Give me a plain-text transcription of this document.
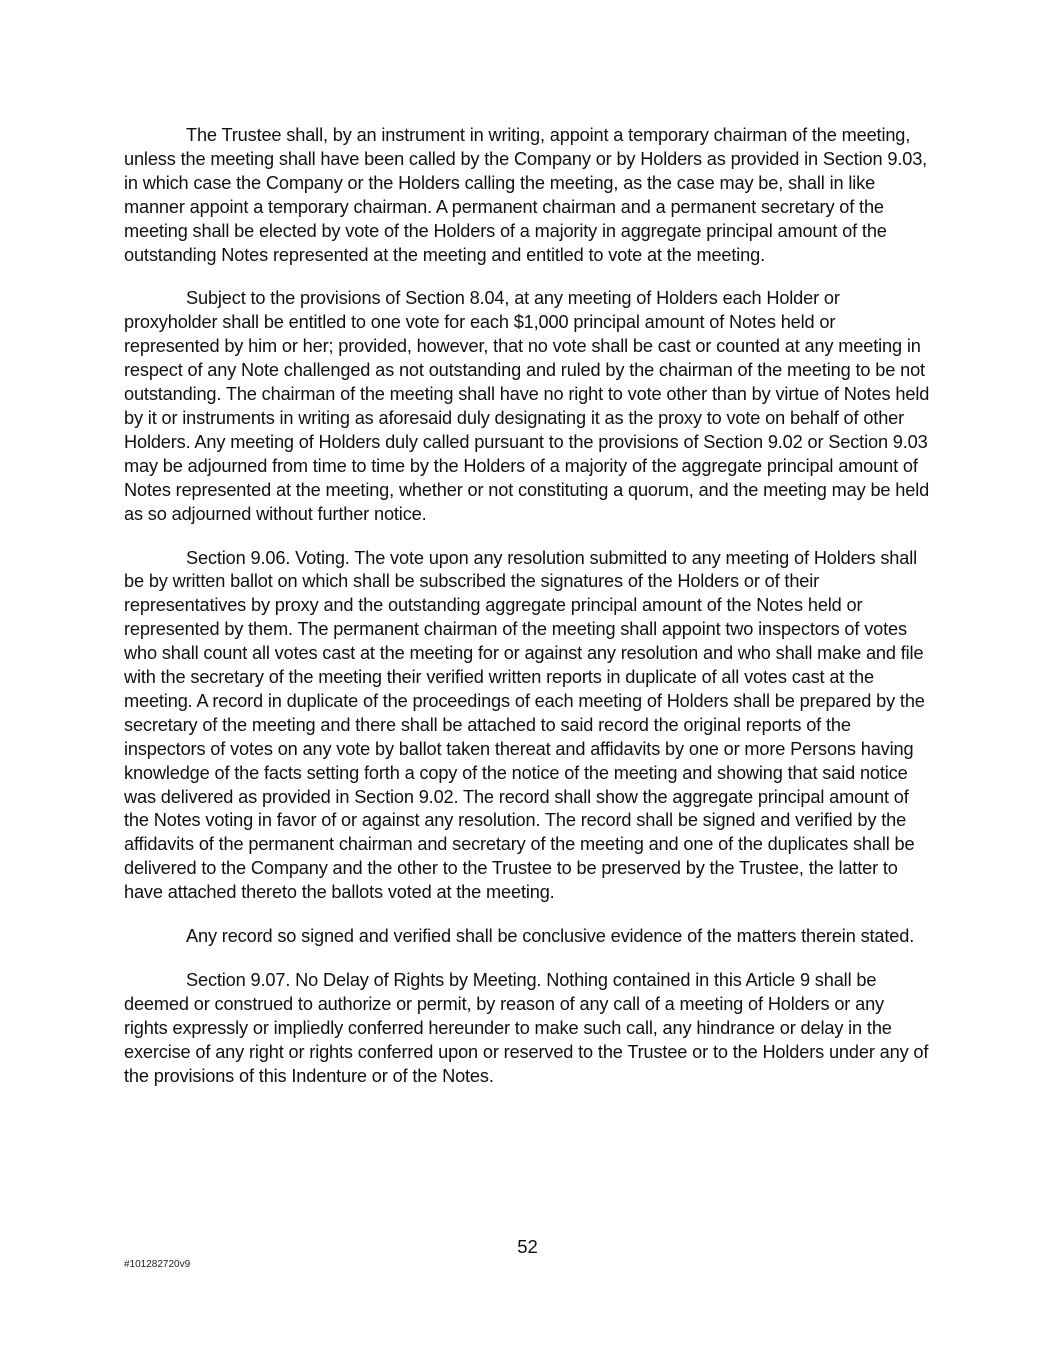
The Trustee shall, by an instrument in writing, appoint a temporary chairman of the meeting, unless the meeting shall have been called by the Company or by Holders as provided in Section 9.03, in which case the Company or the Holders calling the meeting, as the case may be, shall in like manner appoint a temporary chairman. A permanent chairman and a permanent secretary of the meeting shall be elected by vote of the Holders of a majority in aggregate principal amount of the outstanding Notes represented at the meeting and entitled to vote at the meeting.

Subject to the provisions of Section 8.04, at any meeting of Holders each Holder or proxyholder shall be entitled to one vote for each $1,000 principal amount of Notes held or represented by him or her; provided, however, that no vote shall be cast or counted at any meeting in respect of any Note challenged as not outstanding and ruled by the chairman of the meeting to be not outstanding. The chairman of the meeting shall have no right to vote other than by virtue of Notes held by it or instruments in writing as aforesaid duly designating it as the proxy to vote on behalf of other Holders. Any meeting of Holders duly called pursuant to the provisions of Section 9.02 or Section 9.03 may be adjourned from time to time by the Holders of a majority of the aggregate principal amount of Notes represented at the meeting, whether or not constituting a quorum, and the meeting may be held as so adjourned without further notice.

Section 9.06. Voting. The vote upon any resolution submitted to any meeting of Holders shall be by written ballot on which shall be subscribed the signatures of the Holders or of their representatives by proxy and the outstanding aggregate principal amount of the Notes held or represented by them. The permanent chairman of the meeting shall appoint two inspectors of votes who shall count all votes cast at the meeting for or against any resolution and who shall make and file with the secretary of the meeting their verified written reports in duplicate of all votes cast at the meeting. A record in duplicate of the proceedings of each meeting of Holders shall be prepared by the secretary of the meeting and there shall be attached to said record the original reports of the inspectors of votes on any vote by ballot taken thereat and affidavits by one or more Persons having knowledge of the facts setting forth a copy of the notice of the meeting and showing that said notice was delivered as provided in Section 9.02. The record shall show the aggregate principal amount of the Notes voting in favor of or against any resolution. The record shall be signed and verified by the affidavits of the permanent chairman and secretary of the meeting and one of the duplicates shall be delivered to the Company and the other to the Trustee to be preserved by the Trustee, the latter to have attached thereto the ballots voted at the meeting.

Any record so signed and verified shall be conclusive evidence of the matters therein stated.

Section 9.07. No Delay of Rights by Meeting. Nothing contained in this Article 9 shall be deemed or construed to authorize or permit, by reason of any call of a meeting of Holders or any rights expressly or impliedly conferred hereunder to make such call, any hindrance or delay in the exercise of any right or rights conferred upon or reserved to the Trustee or to the Holders under any of the provisions of this Indenture or of the Notes.

52
#101282720v9
